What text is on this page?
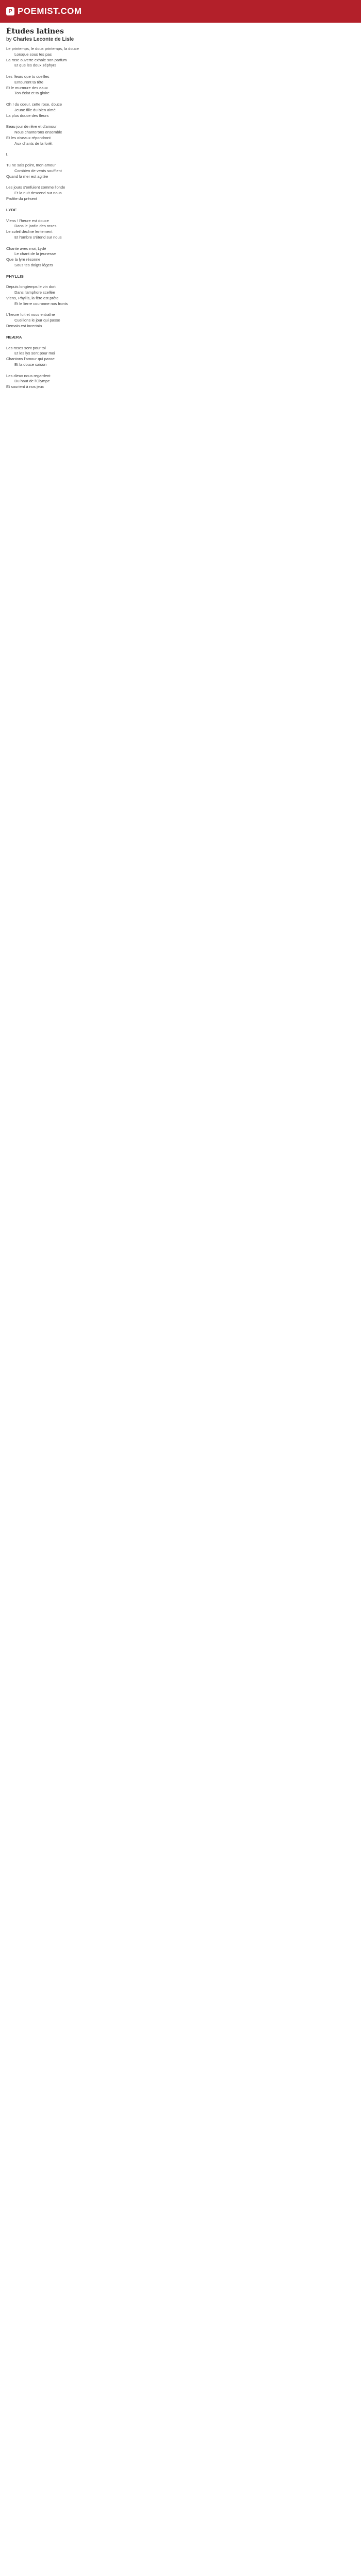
P POEMIST.COM
Études latines
by Charles Leconte de Lisle
Le printemps, le doux printemps, la douce
Lorsque sous tes pas
La rose ouverte exhale son parfum
Et que les doux zéphyrs
Les fleurs que tu cueilles
Entourent ta tête
Et le murmure des eaux
Ton éclat et ta gloire
Oh ! du coeur, cette rose, douce
Jeune fille du bien aimé
La plus douce des fleurs
Beau jour de rêve et d'amour
Nous chanterons ensemble
Et les oiseaux répondront
Aux chants de la forêt
I.
Tu ne sais point, mon amour
Combien de vents soufflent
Quand la mer est agitée
Les jours s'enfuient comme l'onde
Et la nuit descend sur nous
Profite du présent
LYDE
Viens ! l'heure est douce
Dans le jardin des roses
Le soleil décline lentement
Et l'ombre s'étend sur nous
Chante avec moi, Lydé
Le chant de la jeunesse
Que la lyre résonne
Sous tes doigts légers
PHYLLIS
Depuis longtemps le vin dort
Dans l'amphore scellée
Viens, Phyllis, la fête est prête
Et le lierre couronne nos fronts
L'heure fuit et nous entraîne
Cueillons le jour qui passe
Demain est incertain
NEÆRA
Les roses sont pour toi
Et les lys sont pour moi
Chantons l'amour qui passe
Et la douce saison
Les dieux nous regardent
Du haut de l'Olympe
Et sourient à nos jeux
